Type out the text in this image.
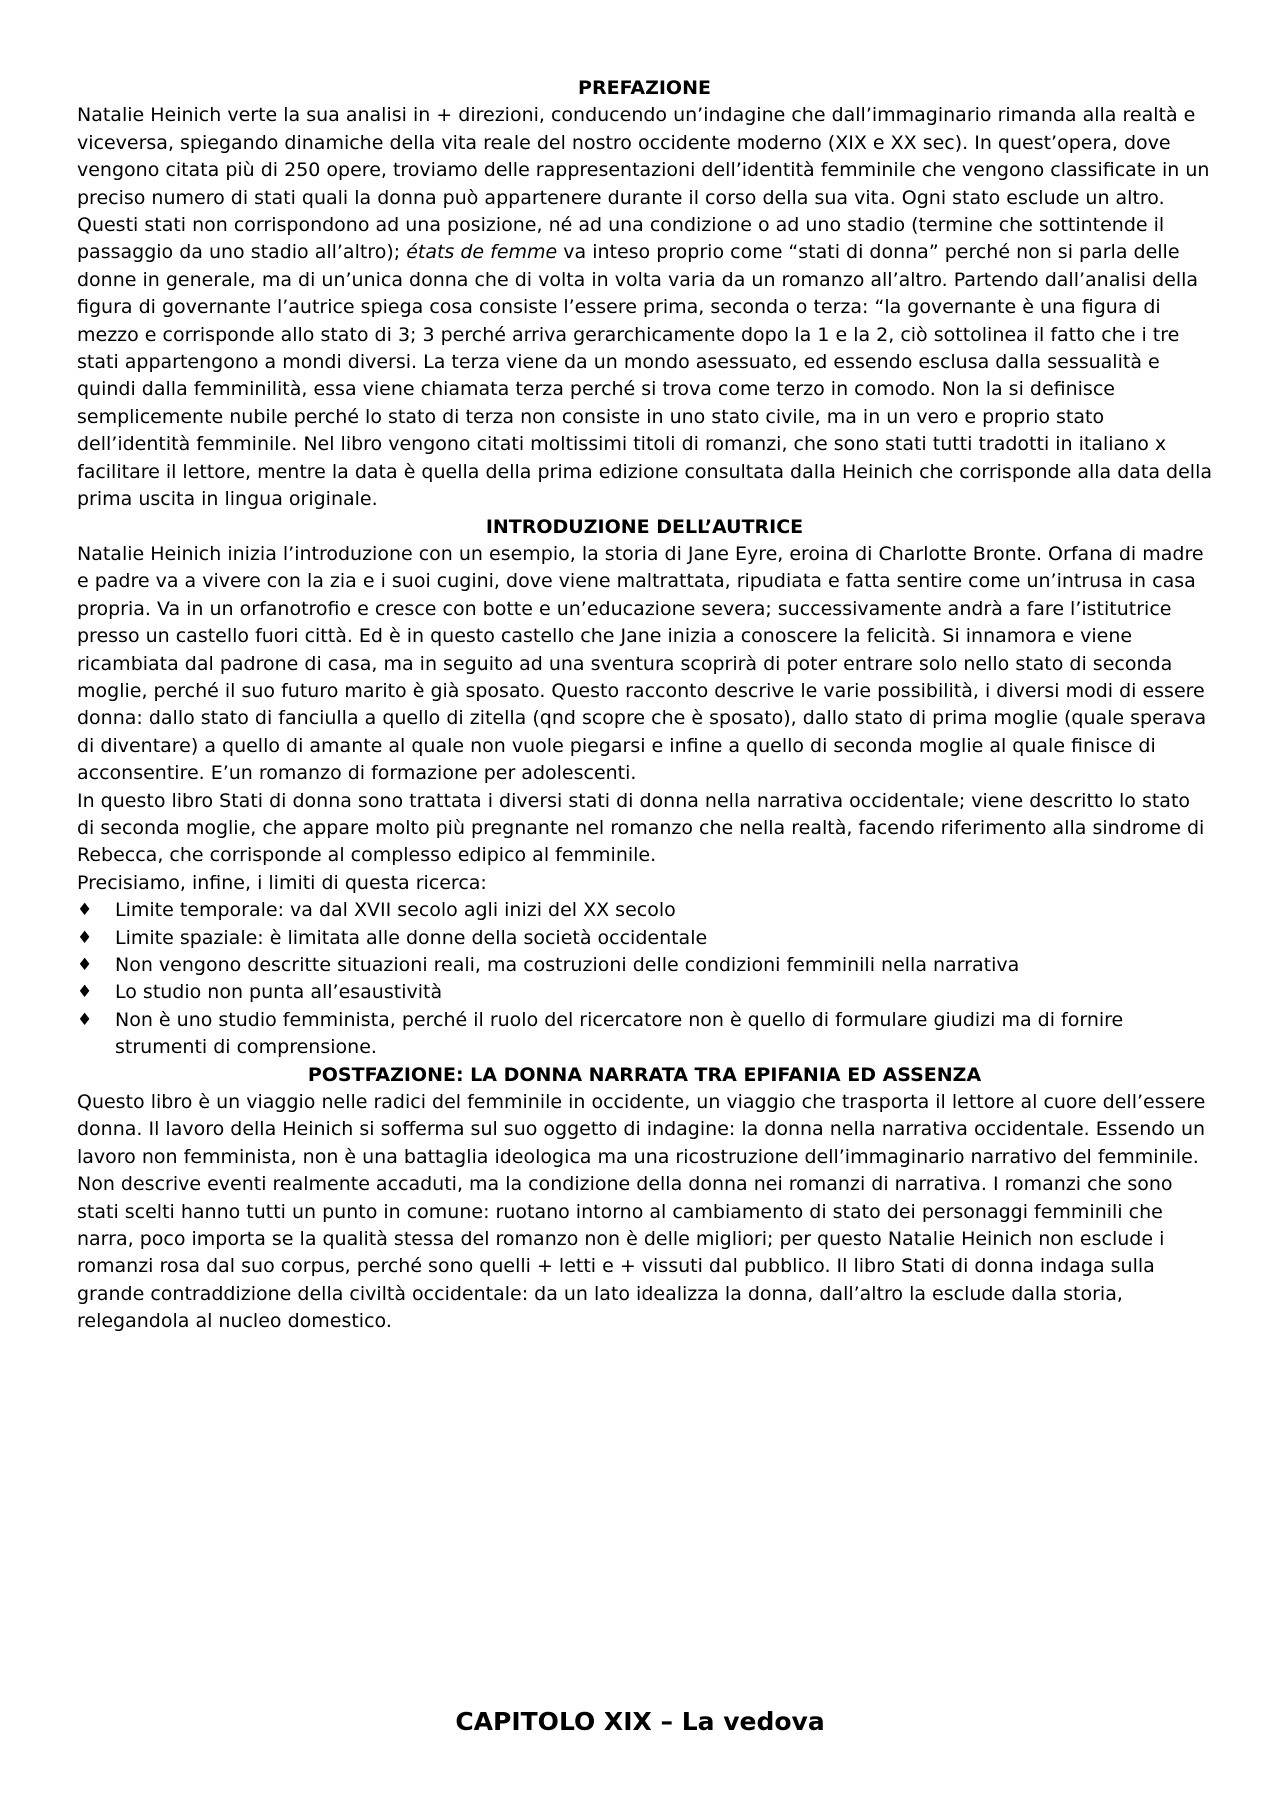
PREFAZIONE

Natalie Heinich verte la sua analisi in + direzioni, conducendo un’indagine che dall’immaginario rimanda alla realtà e viceversa, spiegando dinamiche della vita reale del nostro occidente moderno (XIX e XX sec). In quest’opera, dove vengono citata più di 250 opere, troviamo delle rappresentazioni dell’identità femminile che vengono classificate in un preciso numero di stati quali la donna può appartenere durante il corso della sua vita. Ogni stato esclude un altro. Questi stati non corrispondono ad una posizione, né ad una condizione o ad uno stadio (termine che sottintende il passaggio da uno stadio all’altro); états de femme va inteso proprio come “stati di donna” perché non si parla delle donne in generale, ma di un’unica donna che di volta in volta varia da un romanzo all’altro. Partendo dall’analisi della figura di governante l’autrice spiega cosa consiste l’essere prima, seconda o terza: “la governante è una figura di mezzo e corrisponde allo stato di 3; 3 perché arriva gerarchicamente dopo la 1 e la 2, ciò sottolinea il fatto che i tre stati appartengono a mondi diversi. La terza viene da un mondo asessuato, ed essendo esclusa dalla sessualità e quindi dalla femminilità, essa viene chiamata terza perché si trova come terzo in comodo. Non la si definisce semplicemente nubile perché lo stato di terza non consiste in uno stato civile, ma in un vero e proprio stato dell’identità femminile. Nel libro vengono citati moltissimi titoli di romanzi, che sono stati tutti tradotti in italiano x facilitare il lettore, mentre la data è quella della prima edizione consultata dalla Heinich che corrisponde alla data della prima uscita in lingua originale.

INTRODUZIONE DELL’AUTRICE

Natalie Heinich inizia l’introduzione con un esempio, la storia di Jane Eyre, eroina di Charlotte Bronte. Orfana di madre e padre va a vivere con la zia e i suoi cugini, dove viene maltrattata, ripudiata e fatta sentire come un’intrusa in casa propria. Va in un orfanotrofio e cresce con botte e un’educazione severa; successivamente andrà a fare l’istitutrice presso un castello fuori città. Ed è in questo castello che Jane inizia a conoscere la felicità. Si innamora e viene ricambiata dal padrone di casa, ma in seguito ad una sventura scoprirà di poter entrare solo nello stato di seconda moglie, perché il suo futuro marito è già sposato. Questo racconto descrive le varie possibilità, i diversi modi di essere donna: dallo stato di fanciulla a quello di zitella (qnd scopre che è sposato), dallo stato di prima moglie (quale sperava di diventare) a quello di amante al quale non vuole piegarsi e infine a quello di seconda moglie al quale finisce di acconsentire. E’un romanzo di formazione per adolescenti.

In questo libro Stati di donna sono trattata i diversi stati di donna nella narrativa occidentale; viene descritto lo stato di seconda moglie, che appare molto più pregnante nel romanzo che nella realtà, facendo riferimento alla sindrome di Rebecca, che corrisponde al complesso edipico al femminile.

Precisiamo, infine, i limiti di questa ricerca:

♦ Limite temporale: va dal XVII secolo agli inizi del XX secolo
♦ Limite spaziale: è limitata alle donne della società occidentale
♦ Non vengono descritte situazioni reali, ma costruzioni delle condizioni femminili nella narrativa
♦ Lo studio non punta all’esaustività
♦ Non è uno studio femminista, perché il ruolo del ricercatore non è quello di formulare giudizi ma di fornire strumenti di comprensione.
POSTFAZIONE: LA DONNA NARRATA TRA EPIFANIA ED ASSENZA

Questo libro è un viaggio nelle radici del femminile in occidente, un viaggio che trasporta il lettore al cuore dell’essere donna. Il lavoro della Heinich si sofferma sul suo oggetto di indagine: la donna nella narrativa occidentale. Essendo un lavoro non femminista, non è una battaglia ideologica ma una ricostruzione dell’immaginario narrativo del femminile. Non descrive eventi realmente accaduti, ma la condizione della donna nei romanzi di narrativa. I romanzi che sono stati scelti hanno tutti un punto in comune: ruotano intorno al cambiamento di stato dei personaggi femminili che narra, poco importa se la qualità stessa del romanzo non è delle migliori; per questo Natalie Heinich non esclude i romanzi rosa dal suo corpus, perché sono quelli + letti e + vissuti dal pubblico. Il libro Stati di donna indaga sulla grande contraddizione della civiltà occidentale: da un lato idealizza la donna, dall’altro la esclude dalla storia, relegandola al nucleo domestico.

CAPITOLO XIX – La vedova
